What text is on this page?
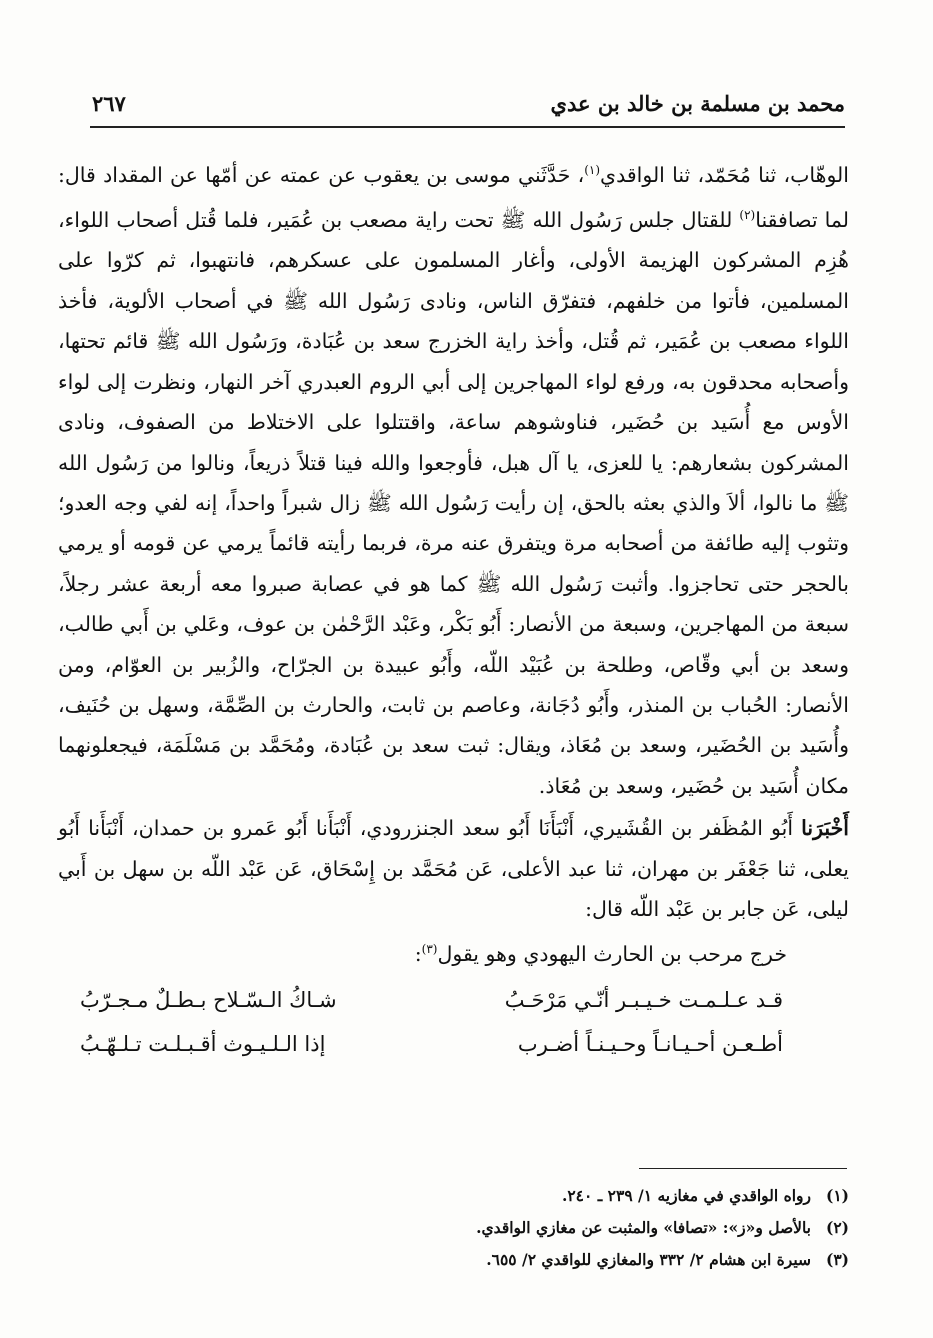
محمد بن مسلمة بن خالد بن عدي
٢٦٧

الوهّاب، ثنا مُحَمّد، ثنا الواقدي$^{(١)}$، حَدَّثَني موسى بن يعقوب عن عمته عن أمّها عن المقداد قال: لما تصافقنا$^{(٢)}$ للقتال جلس رَسُول الله ﷺ تحت راية مصعب بن عُمَير، فلما قُتل أصحاب اللواء، هُزِم المشركون الهزيمة الأولى، وأغار المسلمون على عسكرهم، فانتهبوا، ثم كرّوا على المسلمين، فأتوا من خلفهم، فتفرّق الناس، ونادى رَسُول الله ﷺ في أصحاب الألوية، فأخذ اللواء مصعب بن عُمَير، ثم قُتل، وأخذ راية الخزرج سعد بن عُبَادة، ورَسُول الله ﷺ قائم تحتها، وأصحابه محدقون به، ورفع لواء المهاجرين إلى أبي الروم العبدري آخر النهار، ونظرت إلى لواء الأوس مع أُسَيد بن حُضَير، فناوشوهم ساعة، واقتتلوا على الاختلاط من الصفوف، ونادى المشركون بشعارهم: يا للعزى، يا آل هبل، فأوجعوا والله فينا قتلاً ذريعاً، ونالوا من رَسُول الله ﷺ ما نالوا، ألاَ والذي بعثه بالحق، إن رأيت رَسُول الله ﷺ زال شبراً واحداً، إنه لفي وجه العدو؛ وتثوب إليه طائفة من أصحابه مرة ويتفرق عنه مرة، فربما رأيته قائماً يرمي عن قومه أو يرمي بالحجر حتى تحاجزوا. وأثبت رَسُول الله ﷺ كما هو في عصابة صبروا معه أربعة عشر رجلاً، سبعة من المهاجرين، وسبعة من الأنصار: أَبُو بَكْر، وعَبْد الرَّحْمٰن بن عوف، وعَلي بن أَبي طالب، وسعد بن أبي وقّاص، وطلحة بن عُبَيْد اللّه، وأَبُو عبيدة بن الجرّاح، والزُبير بن العوّام، ومن الأنصار: الحُباب بن المنذر، وأَبُو دُجَانة، وعاصم بن ثابت، والحارث بن الصِّمَّة، وسهل بن حُنَيف، وأُسَيد بن الحُضَير، وسعد بن مُعَاذ، ويقال: ثبت سعد بن عُبَادة، ومُحَمَّد بن مَسْلَمَة، فيجعلونهما مكان أُسَيد بن حُضَير، وسعد بن مُعَاذ.

أَخْبَرَنا أَبُو المُظَفر بن القُشَيري، أَنْبَأَنَا أَبُو سعد الجنزرودي، أَنْبَأَنا أَبُو عَمرو بن حمدان، أَنْبَأَنا أَبُو يعلى، ثنا جَعْفَر بن مهران، ثنا عبد الأعلى، عَن مُحَمَّد بن إِسْحَاق، عَن عَبْد اللّه بن سهل بن أَبي ليلى، عَن جابر بن عَبْد اللّه قال:

خرج مرحب بن الحارث اليهودي وهو يقول$^{(٣)}$:

قـد عـلـمـت خـيـبـر أنّـي مَرْحَـبُ
شـاكُ الـسّـلاح بـطـلٌ مـجـرّبُ
أطـعـن أحـيـانـاً وحـيـنـاً أضـرب
إذا الـلـيـوث أقـبـلـت تـلـهّـبُ
(١)
رواه الواقدي في مغازيه ١/ ٢٣٩ ـ ٢٤٠.
(٢)
بالأصل و«ز»: «تصافا» والمثبت عن مغازي الواقدي.
(٣)
سيرة ابن هشام ٢/ ٣٣٢ والمغازي للواقدي ٢/ ٦٥٥.
